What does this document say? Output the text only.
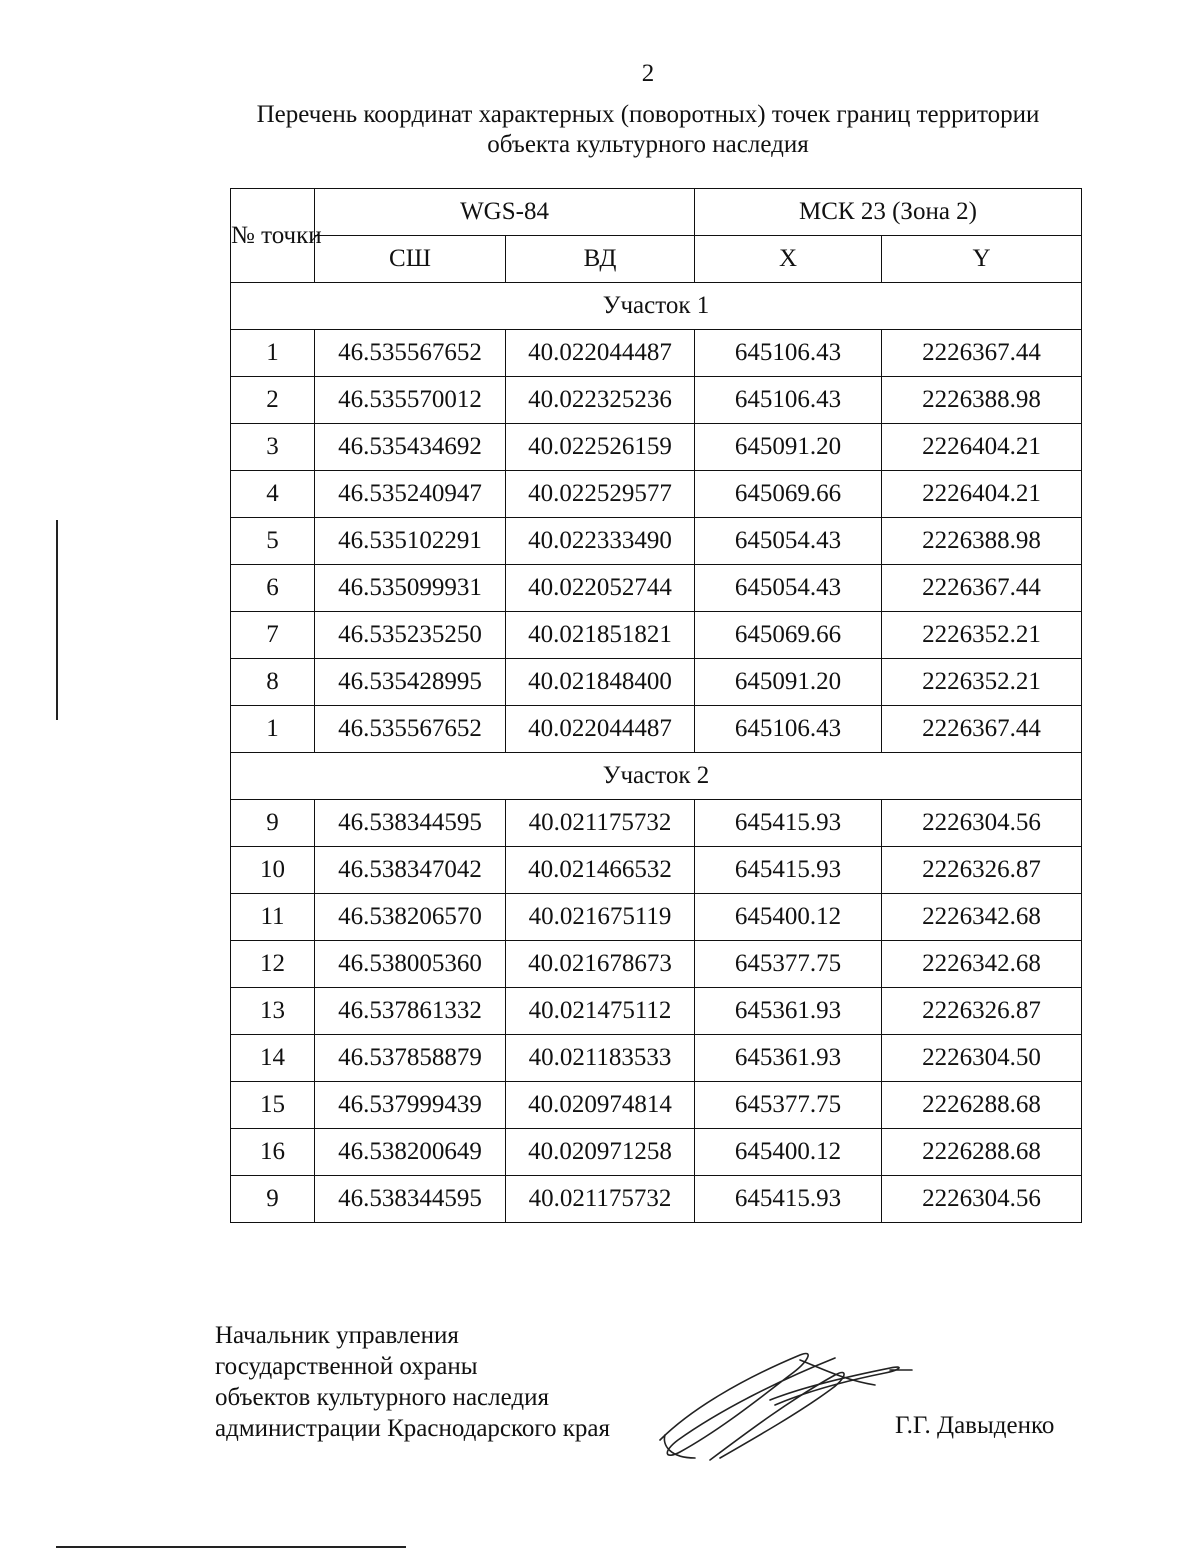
2
Перечень координат характерных (поворотных) точек границ территории
объекта культурного наследия
№ точки	WGS-84		МСК 23 (Зона 2)	
	СШ	ВД	X	Y
Участок 1				
1	46.535567652	40.022044487	645106.43	2226367.44
2	46.535570012	40.022325236	645106.43	2226388.98
3	46.535434692	40.022526159	645091.20	2226404.21
4	46.535240947	40.022529577	645069.66	2226404.21
5	46.535102291	40.022333490	645054.43	2226388.98
6	46.535099931	40.022052744	645054.43	2226367.44
7	46.535235250	40.021851821	645069.66	2226352.21
8	46.535428995	40.021848400	645091.20	2226352.21
1	46.535567652	40.022044487	645106.43	2226367.44
Участок 2				
9	46.538344595	40.021175732	645415.93	2226304.56
10	46.538347042	40.021466532	645415.93	2226326.87
11	46.538206570	40.021675119	645400.12	2226342.68
12	46.538005360	40.021678673	645377.75	2226342.68
13	46.537861332	40.021475112	645361.93	2226326.87
14	46.537858879	40.021183533	645361.93	2226304.50
15	46.537999439	40.020974814	645377.75	2226288.68
16	46.538200649	40.020971258	645400.12	2226288.68
9	46.538344595	40.021175732	645415.93	2226304.56
Начальник управления
государственной охраны
объектов культурного наследия
администрации Краснодарского края	Г.Г. Давыденко
